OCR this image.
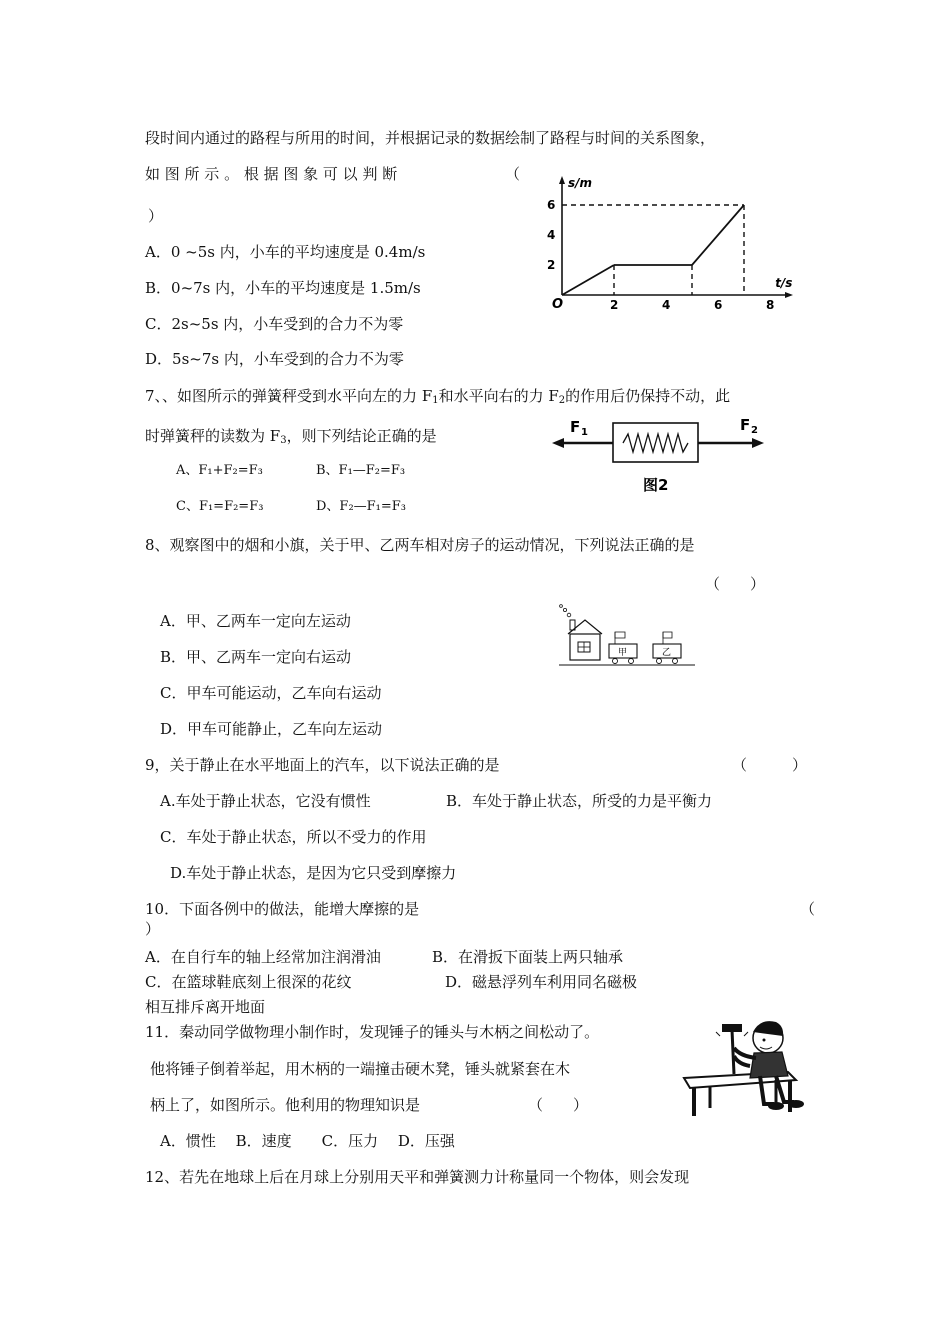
段时间内通过的路程与所用的时间，并根据记录的数据绘制了路程与时间的关系图象，
如 图 所 示 。 根 据 图 象 可 以 判 断	（
）
A．0 ~5s 内，小车的平均速度是 0.4m/s
B．0~7s 内，小车的平均速度是 1.5m/s
C．2s~5s 内，小车受到的合力不为零
D．5s~7s 内，小车受到的合力不为零
s/m
t/s
O	2	4	6	8
2
4
6
7、、如图所示的弹簧秤受到水平向左的力 $F_1$和水平向右的力 $F_2$的作用后仍保持不动，此
时弹簧秤的读数为 $F_3$，则下列结论正确的是
A、F₁+F₂=F₃	B、F₁—F₂=F₃
C、F₁=F₂=F₃	D、F₂—F₁=F₃
F 1	F 2
图2
8、观察图中的烟和小旗，关于甲、乙两车相对房子的运动情况，下列说法正确的是
（　　）
A．甲、乙两车一定向左运动
B．甲、乙两车一定向右运动
C．甲车可能运动，乙车向右运动
D．甲车可能静止，乙车向左运动
甲	乙
9，关于静止在水平地面上的汽车，以下说法正确的是	（　　　）
A.车处于静止状态，它没有惯性	B．车处于静止状态，所受的力是平衡力
C．车处于静止状态，所以不受力的作用
D.车处于静止状态，是因为它只受到摩擦力
10．下面各例中的做法，能增大摩擦的是	（
）
A．在自行车的轴上经常加注润滑油	B．在滑扳下面装上两只轴承
C．在篮球鞋底刻上很深的花纹	D．磁悬浮列车利用同名磁极
相互排斥离开地面
11．秦动同学做物理小制作时，发现锤子的锤头与木柄之间松动了。
他将锤子倒着举起，用木柄的一端撞击硬木凳，锤头就紧套在木
柄上了，如图所示。他利用的物理知识是	（　　）
A．惯性　 B．速度　　C．压力　 D．压强
12、若先在地球上后在月球上分别用天平和弹簧测力计称量同一个物体，则会发现
